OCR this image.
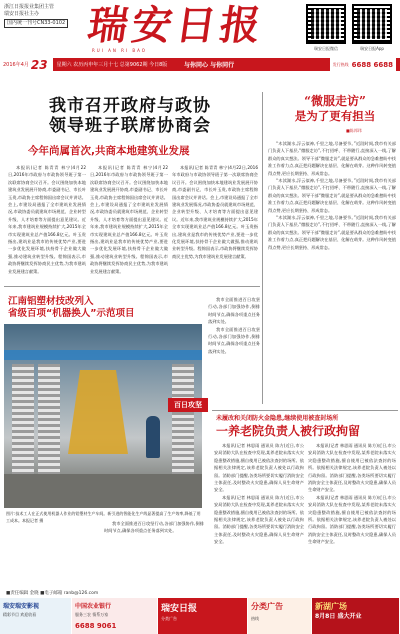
浙江日报报业集团主管
瑞安日报社主办
国内统一刊号CN33-0102 瑞安日报
RUI AN RI BAO	瑞安日报微信	瑞安日报App
2016年4月 23	星期六 农历丙申年三月十七 总第9062期 今日8版	与你同心 与你同行	发行热线 6688 6688
我市召开政府与政协
领导班子联席协商会
今年尚属首次,共商本地建筑业发展
“微服走访”
是为了更有担当
■陈邦玮

本报讯(记者 陈青青 林宁)4月22日,2016年市政府与市政协领导班子第一次联席协商会议召开。会议围绕加快本地建筑业发展展开协商,市委副书记、市长叶玉贵,市政协主席程锦国出席会议并讲话。会上,市建设局通报了全市建筑业发展情况,市政协委员就建筑市场规范、企业转型升级、人才培育等方面提出意见建议。近年来,我市建筑业规模持续扩大,2015年全市实现建筑业总产值166.8亿元。叶玉贵指出,建筑业是我市的传统优势产业,要进一步优化发展环境,扶持骨干企业做大做强,推动建筑业转型升级。程锦国表示,市政协将继续发挥协商民主优势,为我市建筑业发展建言献策。

本报讯(记者 陈青青 林宁)4月22日,2016年市政府与市政协领导班子第一次联席协商会议召开。会议围绕加快本地建筑业发展展开协商,市委副书记、市长叶玉贵,市政协主席程锦国出席会议并讲话。会上,市建设局通报了全市建筑业发展情况,市政协委员就建筑市场规范、企业转型升级、人才培育等方面提出意见建议。近年来,我市建筑业规模持续扩大,2015年全市实现建筑业总产值166.8亿元。叶玉贵指出,建筑业是我市的传统优势产业,要进一步优化发展环境,扶持骨干企业做大做强,推动建筑业转型升级。程锦国表示,市政协将继续发挥协商民主优势,为我市建筑业发展建言献策。

本报讯(记者 陈青青 林宁)4月22日,2016年市政府与市政协领导班子第一次联席协商会议召开。会议围绕加快本地建筑业发展展开协商,市委副书记、市长叶玉贵,市政协主席程锦国出席会议并讲话。会上,市建设局通报了全市建筑业发展情况,市政协委员就建筑市场规范、企业转型升级、人才培育等方面提出意见建议。近年来,我市建筑业规模持续扩大,2015年全市实现建筑业总产值166.8亿元。叶玉贵指出,建筑业是我市的传统优势产业,要进一步优化发展环境,扶持骨干企业做大做强,推动建筑业转型升级。程锦国表示,市政协将继续发挥协商民主优势,为我市建筑业发展建言献策。

“木渎湖水,浮云似神,千里之地,尽备要节。”近段时间,我市有关部门负责人下基层,“微服走访”,不打招呼、不带随行,直接深入一线,了解群众的真实想法。领导干部“微服走访”,就是要从群众的急难愁盼中找准工作着力点,真正把问题解决在基层、化解在萌芽。这种作风转变值得点赞,更应长期坚持、形成常态。

“木渎湖水,浮云似神,千里之地,尽备要节。”近段时间,我市有关部门负责人下基层,“微服走访”,不打招呼、不带随行,直接深入一线,了解群众的真实想法。领导干部“微服走访”,就是要从群众的急难愁盼中找准工作着力点,真正把问题解决在基层、化解在萌芽。这种作风转变值得点赞,更应长期坚持、形成常态。

“木渎湖水,浮云似神,千里之地,尽备要节。”近段时间,我市有关部门负责人下基层,“微服走访”,不打招呼、不带随行,直接深入一线,了解群众的真实想法。领导干部“微服走访”,就是要从群众的急难愁盼中找准工作着力点,真正把问题解决在基层、化解在萌芽。这种作风转变值得点赞,更应长期坚持、形成常态。

江南铝塑材技改列入
省级百项“机器换人”示范项目
图片:技术工人在正式使用机器人作业的铝塑材生产车间。新引进的智能化生产线显著提高了生产效率,降低了用工成本。本报记者 摄
百日攻坚

我市全面推进百日攻坚行动,各部门加强协作,倒排时间节点,确保各项重点任务落到实处。

我市全面推进百日攻坚行动,各部门加强协作,倒排时间节点,确保各项重点任务落到实处。

未履改和关闭防火金隐患,继续使用被查封场所
一养老院负责人被行政拘留

本报讯(记者 林思雨 通讯员 陈方)近日,市公安局消防大队在检查中发现,某养老院未落实火灾隐患整改措施,擅自使用已被依法查封的场所。依据相关法律规定,该养老院负责人被处以行政拘留。消防部门提醒,各类场所要切实履行消防安全主体责任,及时整改火灾隐患,确保人员生命财产安全。

本报讯(记者 林思雨 通讯员 陈方)近日,市公安局消防大队在检查中发现,某养老院未落实火灾隐患整改措施,擅自使用已被依法查封的场所。依据相关法律规定,该养老院负责人被处以行政拘留。消防部门提醒,各类场所要切实履行消防安全主体责任,及时整改火灾隐患,确保人员生命财产安全。

本报讯(记者 林思雨 通讯员 陈方)近日,市公安局消防大队在检查中发现,某养老院未落实火灾隐患整改措施,擅自使用已被依法查封的场所。依据相关法律规定,该养老院负责人被处以行政拘留。消防部门提醒,各类场所要切实履行消防安全主体责任,及时整改火灾隐患,确保人员生命财产安全。

本报讯(记者 林思雨 通讯员 陈方)近日,市公安局消防大队在检查中发现,某养老院未落实火灾隐患整改措施,擅自使用已被依法查封的场所。依据相关法律规定,该养老院负责人被处以行政拘留。消防部门提醒,各类场所要切实履行消防安全主体责任,及时整改火灾隐患,确保人员生命财产安全。

我市全面推进百日攻坚行动,各部门加强协作,倒排时间节点,确保各项重点任务落到实处。

■责任编辑 金晓 ■电子邮箱 ranb@126.com
瑞安瑞安影视
精彩节目 欢迎收看
中国农业银行
服务三农 情系万家
6688 9061
瑞安日报
分类广告
分类广告
热线
新湖广场
8月8日 盛大开业
